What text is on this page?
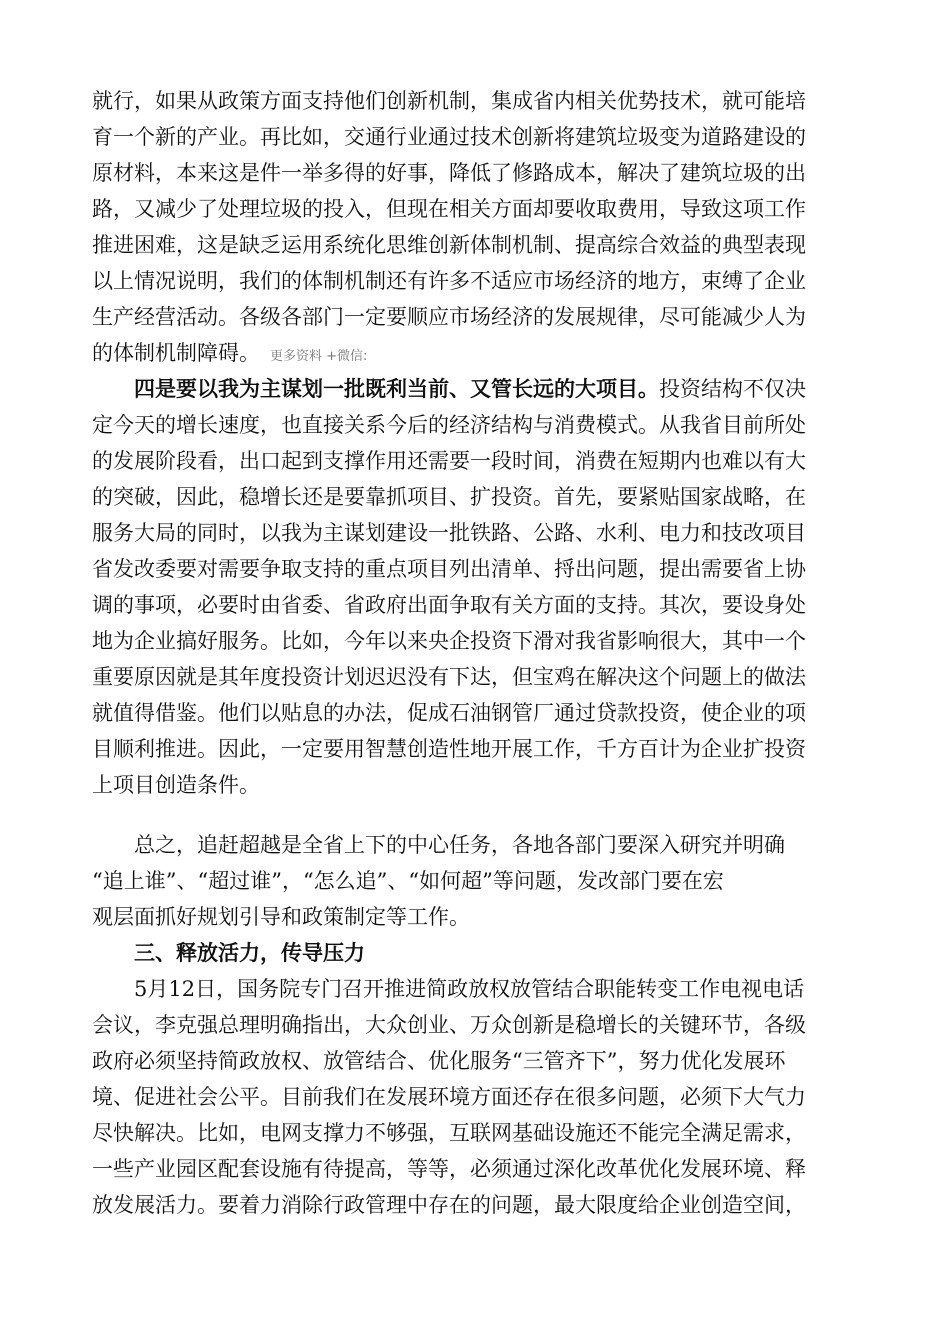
就行，如果从政策方面支持他们创新机制，集成省内相关优势技术，就可能培
育一个新的产业。再比如，交通行业通过技术创新将建筑垃圾变为道路建设的
原材料，本来这是件一举多得的好事，降低了修路成本，解决了建筑垃圾的出
路，又减少了处理垃圾的投入，但现在相关方面却要收取费用，导致这项工作
推进困难，这是缺乏运用系统化思维创新体制机制、提高综合效益的典型表现
以上情况说明，我们的体制机制还有许多不适应市场经济的地方，束缚了企业
生产经营活动。各级各部门一定要顺应市场经济的发展规律，尽可能减少人为
的体制机制障碍。 更多资料 +微信:
四是要以我为主谋划一批既利当前、又管长远的大项目。投资结构不仅决
定今天的增长速度，也直接关系今后的经济结构与消费模式。从我省目前所处
的发展阶段看，出口起到支撑作用还需要一段时间，消费在短期内也难以有大
的突破，因此，稳增长还是要靠抓项目、扩投资。首先，要紧贴国家战略，在
服务大局的同时，以我为主谋划建设一批铁路、公路、水利、电力和技改项目
省发改委要对需要争取支持的重点项目列出清单、捋出问题，提出需要省上协
调的事项，必要时由省委、省政府出面争取有关方面的支持。其次，要设身处
地为企业搞好服务。比如，今年以来央企投资下滑对我省影响很大，其中一个
重要原因就是其年度投资计划迟迟没有下达，但宝鸡在解决这个问题上的做法
就值得借鉴。他们以贴息的办法，促成石油钢管厂通过贷款投资，使企业的项
目顺利推进。因此，一定要用智慧创造性地开展工作，千方百计为企业扩投资
上项目创造条件。
总之，追赶超越是全省上下的中心任务，各地各部门要深入研究并明确
“追上谁”、“超过谁”，“怎么追”、“如何超”等问题，发改部门要在宏
观层面抓好规划引导和政策制定等工作。
三、释放活力，传导压力
5月12日，国务院专门召开推进简政放权放管结合职能转变工作电视电话
会议，李克强总理明确指出，大众创业、万众创新是稳增长的关键环节，各级
政府必须坚持简政放权、放管结合、优化服务“三管齐下”，努力优化发展环
境、促进社会公平。目前我们在发展环境方面还存在很多问题，必须下大气力
尽快解决。比如，电网支撑力不够强，互联网基础设施还不能完全满足需求，
一些产业园区配套设施有待提高，等等，必须通过深化改革优化发展环境、释
放发展活力。要着力消除行政管理中存在的问题，最大限度给企业创造空间，
